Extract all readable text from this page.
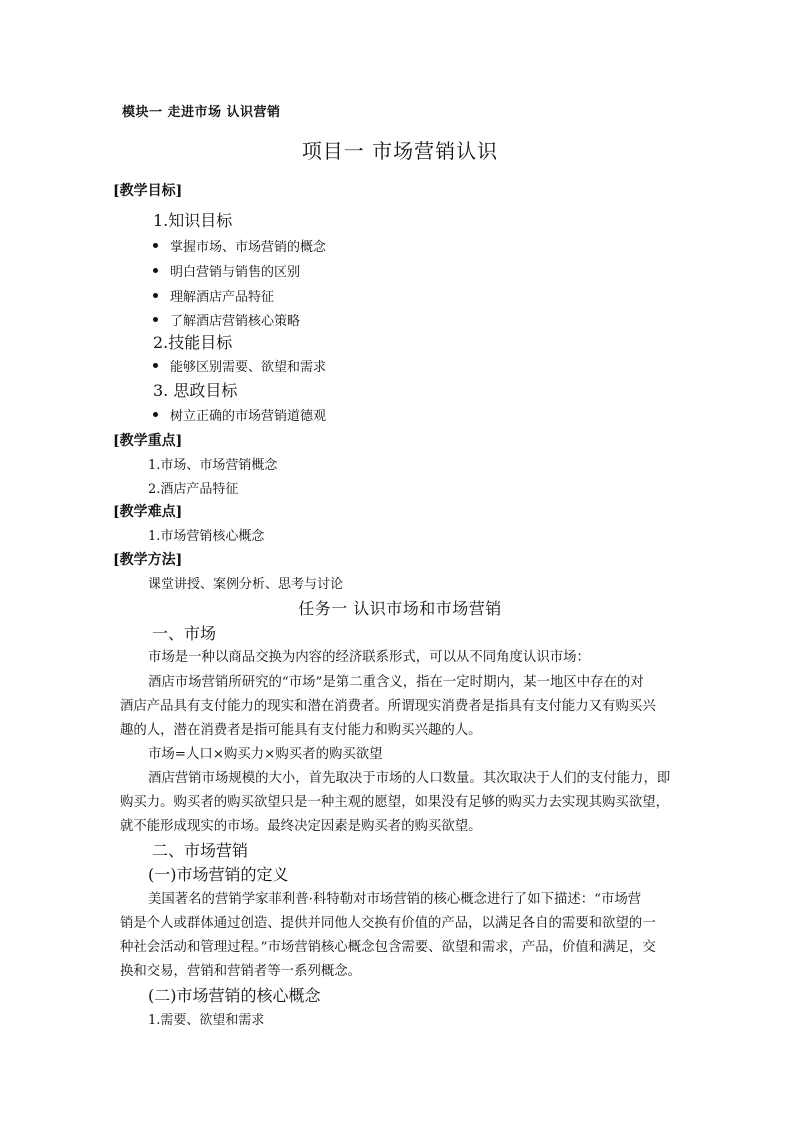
模块一 走进市场 认识营销
项目一 市场营销认识
[教学目标]
1.知识目标
掌握市场、市场营销的概念
明白营销与销售的区别
理解酒店产品特征
了解酒店营销核心策略
2.技能目标
能够区别需要、欲望和需求
3. 思政目标
树立正确的市场营销道德观
[教学重点]
1.市场、市场营销概念
2.酒店产品特征
[教学难点]
1.市场营销核心概念
[教学方法]
课堂讲授、案例分析、思考与讨论
任务一 认识市场和市场营销
一、市场
市场是一种以商品交换为内容的经济联系形式，可以从不同角度认识市场：
酒店市场营销所研究的“市场”是第二重含义，指在一定时期内，某一地区中存在的对
酒店产品具有支付能力的现实和潜在消费者。所谓现实消费者是指具有支付能力又有购买兴
趣的人，潜在消费者是指可能具有支付能力和购买兴趣的人。
市场=人口×购买力×购买者的购买欲望
酒店营销市场规模的大小，首先取决于市场的人口数量。其次取决于人们的支付能力，即
购买力。购买者的购买欲望只是一种主观的愿望，如果没有足够的购买力去实现其购买欲望，
就不能形成现实的市场。最终决定因素是购买者的购买欲望。
二、市场营销
(一)市场营销的定义
美国著名的营销学家菲利普·科特勒对市场营销的核心概念进行了如下描述：“市场营
销是个人或群体通过创造、提供并同他人交换有价值的产品，以满足各自的需要和欲望的一
种社会活动和管理过程。”市场营销核心概念包含需要、欲望和需求，产品，价值和满足，交
换和交易，营销和营销者等一系列概念。
(二)市场营销的核心概念
1.需要、欲望和需求
